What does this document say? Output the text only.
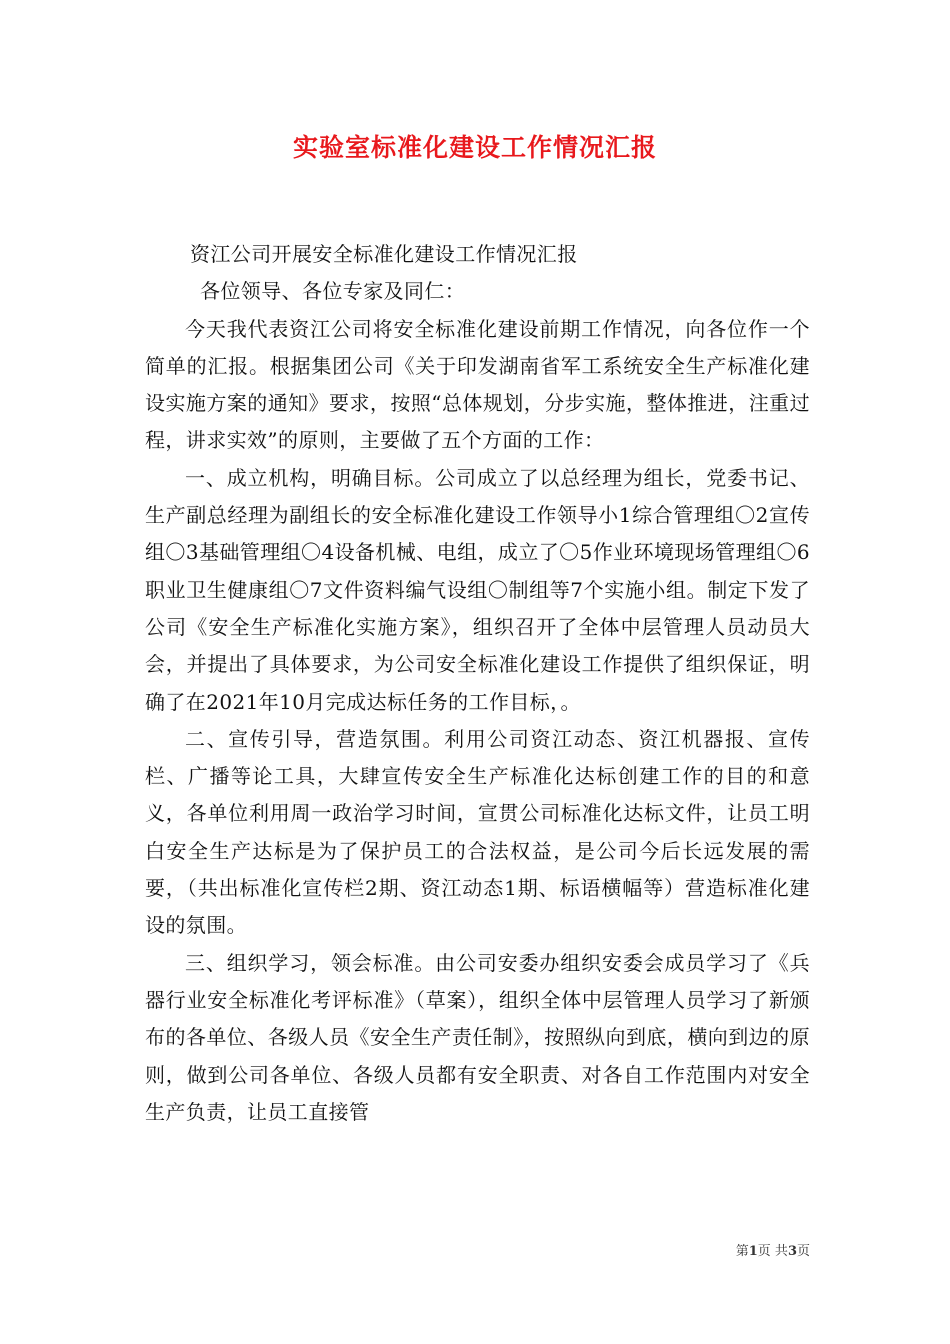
实验室标准化建设工作情况汇报

资江公司开展安全标准化建设工作情况汇报

各位领导、各位专家及同仁：

今天我代表资江公司将安全标准化建设前期工作情况，向各位作一个简单的汇报。根据集团公司《关于印发湖南省军工系统安全生产标准化建设实施方案的通知》要求，按照“总体规划，分步实施，整体推进，注重过程，讲求实效”的原则，主要做了五个方面的工作：

一、成立机构，明确目标。公司成立了以总经理为组长，党委书记、生产副总经理为副组长的安全标准化建设工作领导小1综合管理组〇2宣传组〇3基础管理组〇4设备机械、电组，成立了〇5作业环境现场管理组〇6职业卫生健康组〇7文件资料编气设组〇制组等7个实施小组。制定下发了公司《安全生产标准化实施方案》，组织召开了全体中层管理人员动员大会，并提出了具体要求，为公司安全标准化建设工作提供了组织保证，明确了在2021年10月完成达标任务的工作目标，。

二、宣传引导，营造氛围。利用公司资江动态、资江机器报、宣传栏、广播等论工具，大肆宣传安全生产标准化达标创建工作的目的和意义，各单位利用周一政治学习时间，宣贯公司标准化达标文件，让员工明白安全生产达标是为了保护员工的合法权益，是公司今后长远发展的需要，（共出标准化宣传栏2期、资江动态1期、标语横幅等）营造标准化建设的氛围。

三、组织学习，领会标准。由公司安委办组织安委会成员学习了《兵器行业安全标准化考评标准》（草案），组织全体中层管理人员学习了新颁布的各单位、各级人员《安全生产责任制》，按照纵向到底，横向到边的原则，做到公司各单位、各级人员都有安全职责、对各自工作范围内对安全生产负责，让员工直接管

第1页 共3页
